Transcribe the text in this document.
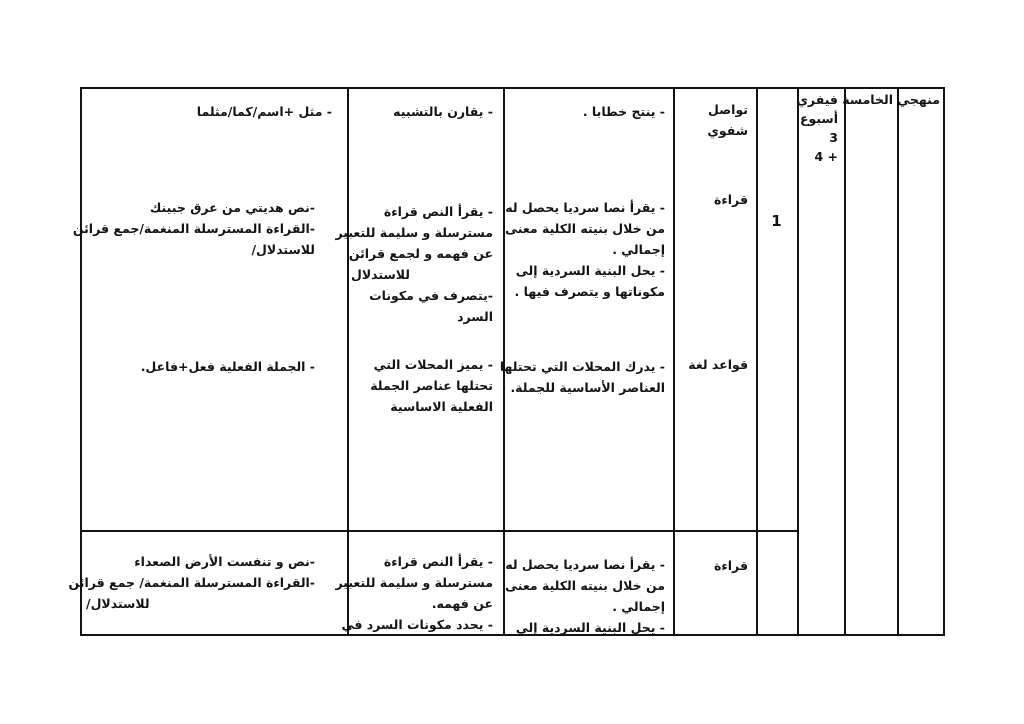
منهجي
الخامسة
فيفري
أسبوع
3
+ 4
1
تواصل شفوي
- ينتج خطابا .
- يقارن بالتشبيه
- مثل +اسم/كما/مثلما
قراءة
- يقرأ نصا سرديا يحصل له
من خلال بنيته الكلية معنى
إجمالي .
- يحل البنية السردية إلى
مكوناتها و يتصرف فيها .
- يقرأ النص قراءة
مسترسلة و سليمة للتعبير
عن فهمه و لجمع قرائن
للاستدلال
-يتصرف في مكونات
السرد
-نص هديتي من عرق جبينك
-القراءة المسترسلة المنغمة/جمع قرائن
للاستدلال/
قواعد لغة
- يدرك المحلات التي تحتلها
العناصر الأساسية للجملة.
- يميز المحلات التي
تحتلها عناصر الجملة
الفعلية الاساسية
- الجملة الفعلية فعل+فاعل.
قراءة
- يقرأ نصا سرديا يحصل له
من خلال بنيته الكلية معنى
إجمالي .
- يحل البنية السردية إلى
- يقرأ النص قراءة
مسترسلة و سليمة للتعبير
عن فهمه.
- يحدد مكونات السرد في
-نص و تنفست الأرض الصعداء
-القراءة المسترسلة المنغمة/ جمع قرائن
للاستدلال/
